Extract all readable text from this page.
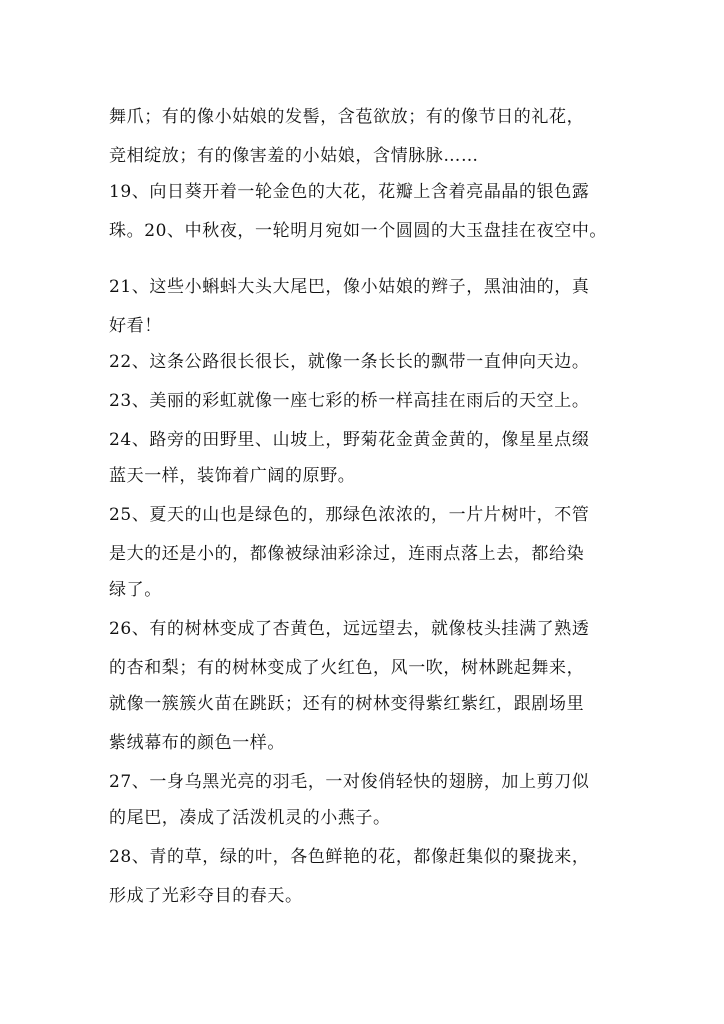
舞爪；有的像小姑娘的发髻，含苞欲放；有的像节日的礼花，

竞相绽放；有的像害羞的小姑娘，含情脉脉……

19、向日葵开着一轮金色的大花，花瓣上含着亮晶晶的银色露

珠。20、中秋夜，一轮明月宛如一个圆圆的大玉盘挂在夜空中。

21、这些小蝌蚪大头大尾巴，像小姑娘的辫子，黑油油的，真

好看！

22、这条公路很长很长，就像一条长长的飘带一直伸向天边。

23、美丽的彩虹就像一座七彩的桥一样高挂在雨后的天空上。

24、路旁的田野里、山坡上，野菊花金黄金黄的，像星星点缀

蓝天一样，装饰着广阔的原野。

25、夏天的山也是绿色的，那绿色浓浓的，一片片树叶，不管

是大的还是小的，都像被绿油彩涂过，连雨点落上去，都给染

绿了。

26、有的树林变成了杏黄色，远远望去，就像枝头挂满了熟透

的杏和梨；有的树林变成了火红色，风一吹，树林跳起舞来，

就像一簇簇火苗在跳跃；还有的树林变得紫红紫红，跟剧场里

紫绒幕布的颜色一样。

27、一身乌黑光亮的羽毛，一对俊俏轻快的翅膀，加上剪刀似

的尾巴，凑成了活泼机灵的小燕子。

28、青的草，绿的叶，各色鲜艳的花，都像赶集似的聚拢来，

形成了光彩夺目的春天。
